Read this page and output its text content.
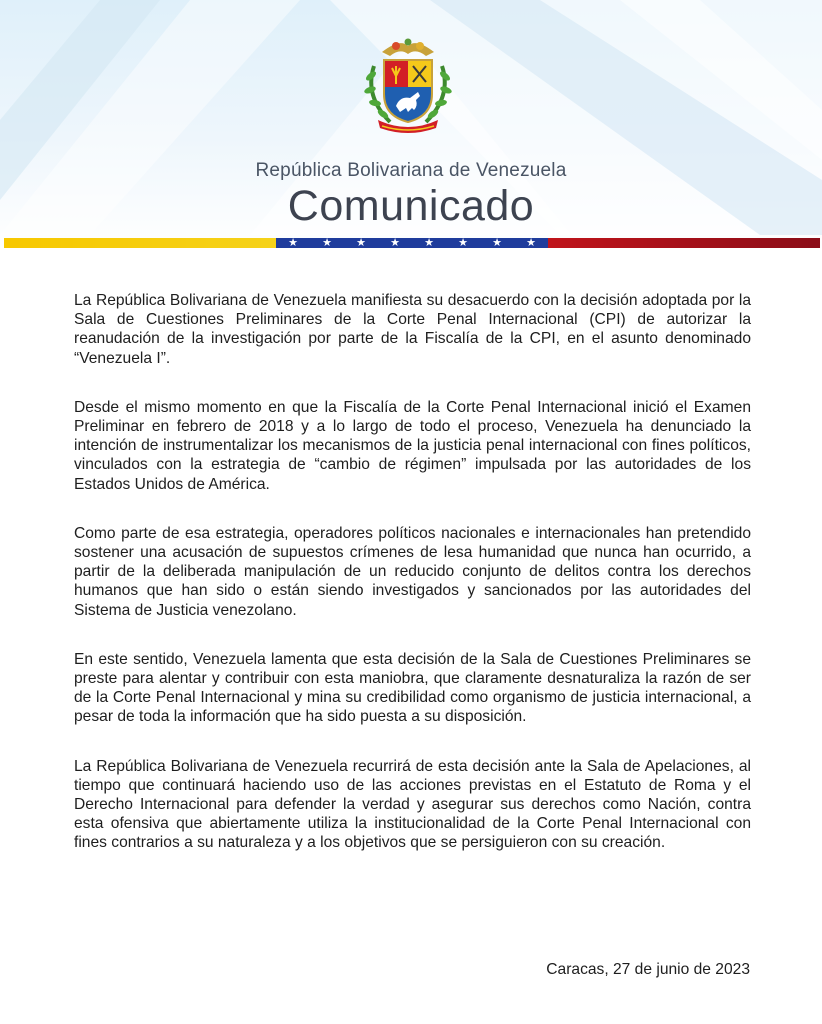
República Bolivariana de Venezuela
Comunicado
★ ★ ★ ★ ★ ★ ★ ★

La República Bolivariana de Venezuela manifiesta su desacuerdo con la decisión adoptada por la Sala de Cuestiones Preliminares de la Corte Penal Internacional (CPI) de autorizar la reanudación de la investigación por parte de la Fiscalía de la CPI, en el asunto denominado “Venezuela I”.

Desde el mismo momento en que la Fiscalía de la Corte Penal Internacional inició el Examen Preliminar en febrero de 2018 y a lo largo de todo el proceso, Venezuela ha denunciado la intención de instrumentalizar los mecanismos de la justicia penal internacional con fines políticos, vinculados con la estrategia de “cambio de régimen” impulsada por las autoridades de los Estados Unidos de América.

Como parte de esa estrategia, operadores políticos nacionales e internacionales han pretendido sostener una acusación de supuestos crímenes de lesa humanidad que nunca han ocurrido, a partir de la deliberada manipulación de un reducido conjunto de delitos contra los derechos humanos que han sido o están siendo investigados y sancionados por las autoridades del Sistema de Justicia venezolano.

En este sentido, Venezuela lamenta que esta decisión de la Sala de Cuestiones Preliminares se preste para alentar y contribuir con esta maniobra, que claramente desnaturaliza la razón de ser de la Corte Penal Internacional y mina su credibilidad como organismo de justicia internacional, a pesar de toda la información que ha sido puesta a su disposición.

La República Bolivariana de Venezuela recurrirá de esta decisión ante la Sala de Apelaciones, al tiempo que continuará haciendo uso de las acciones previstas en el Estatuto de Roma y el Derecho Internacional para defender la verdad y asegurar sus derechos como Nación, contra esta ofensiva que abiertamente utiliza la institucionalidad de la Corte Penal Internacional con fines contrarios a su naturaleza y a los objetivos que se persiguieron con su creación.

Caracas, 27 de junio de 2023
